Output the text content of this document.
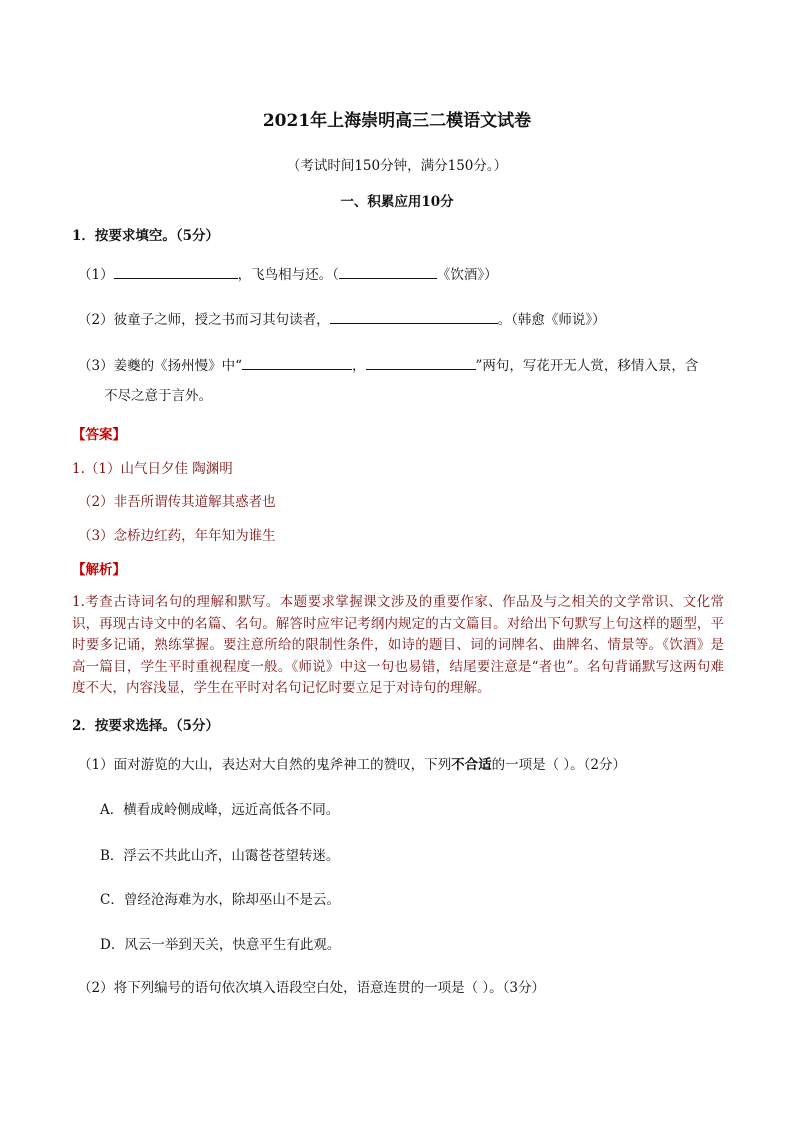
2021年上海崇明高三二模语文试卷
（考试时间150分钟，满分150分。）
一、积累应用10分
1．按要求填空。（5分）
（1）	，飞鸟相与还。（	《饮酒》）
（2）彼童子之师，授之书而习其句读者，	。（韩愈《师说》）
（3）姜夔的《扬州慢》中“	，	”两句，写花开无人赏，移情入景，含
不尽之意于言外。
【答案】
1.（1）山气日夕佳 陶渊明
（2）非吾所谓传其道解其惑者也
（3）念桥边红药，年年知为谁生
【解析】
1.考查古诗词名句的理解和默写。本题要求掌握课文涉及的重要作家、作品及与之相关的文学常识、文化常识，再现古诗文中的名篇、名句。解答时应牢记考纲内规定的古文篇目。对给出下句默写上句这样的题型，平时要多记诵，熟练掌握。要注意所给的限制性条件，如诗的题目、词的词牌名、曲牌名、情景等。《饮酒》是高一篇目，学生平时重视程度一般。《师说》中这一句也易错，结尾要注意是“者也”。名句背诵默写这两句难度不大，内容浅显，学生在平时对名句记忆时要立足于对诗句的理解。
2．按要求选择。（5分）
（1）面对游览的大山，表达对大自然的鬼斧神工的赞叹，下列不合适的一项是（ ）。（2分）
A．横看成岭侧成峰，远近高低各不同。
B．浮云不共此山齐，山霭苍苍望转迷。
C．曾经沧海难为水，除却巫山不是云。
D．风云一举到天关，快意平生有此观。
（2）将下列编号的语句依次填入语段空白处，语意连贯的一项是（ ）。（3分）
